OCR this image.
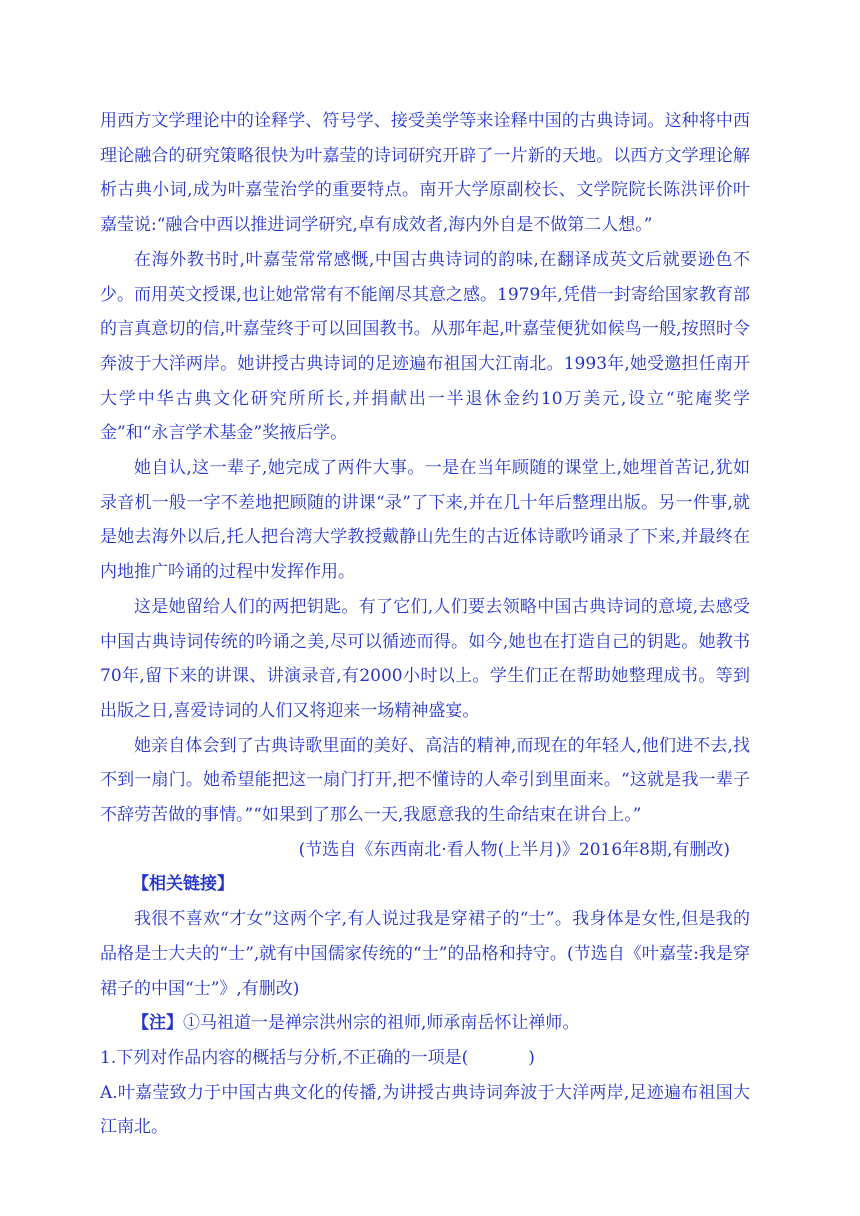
用西方文学理论中的诠释学、符号学、接受美学等来诠释中国的古典诗词。这种将中西理论融合的研究策略很快为叶嘉莹的诗词研究开辟了一片新的天地。以西方文学理论解析古典小词,成为叶嘉莹治学的重要特点。南开大学原副校长、文学院院长陈洪评价叶嘉莹说:“融合中西以推进词学研究,卓有成效者,海内外自是不做第二人想。”

在海外教书时,叶嘉莹常常感慨,中国古典诗词的韵味,在翻译成英文后就要逊色不少。而用英文授课,也让她常常有不能阐尽其意之感。1979年,凭借一封寄给国家教育部的言真意切的信,叶嘉莹终于可以回国教书。从那年起,叶嘉莹便犹如候鸟一般,按照时令奔波于大洋两岸。她讲授古典诗词的足迹遍布祖国大江南北。1993年,她受邀担任南开大学中华古典文化研究所所长,并捐献出一半退休金约10万美元,设立“驼庵奖学金”和“永言学术基金”奖掖后学。

她自认,这一辈子,她完成了两件大事。一是在当年顾随的课堂上,她埋首苦记,犹如录音机一般一字不差地把顾随的讲课“录”了下来,并在几十年后整理出版。另一件事,就是她去海外以后,托人把台湾大学教授戴静山先生的古近体诗歌吟诵录了下来,并最终在内地推广吟诵的过程中发挥作用。

这是她留给人们的两把钥匙。有了它们,人们要去领略中国古典诗词的意境,去感受中国古典诗词传统的吟诵之美,尽可以循迹而得。如今,她也在打造自己的钥匙。她教书70年,留下来的讲课、讲演录音,有2000小时以上。学生们正在帮助她整理成书。等到出版之日,喜爱诗词的人们又将迎来一场精神盛宴。

她亲自体会到了古典诗歌里面的美好、高洁的精神,而现在的年轻人,他们进不去,找不到一扇门。她希望能把这一扇门打开,把不懂诗的人牵引到里面来。“这就是我一辈子不辞劳苦做的事情。”“如果到了那么一天,我愿意我的生命结束在讲台上。”

(节选自《东西南北·看人物(上半月)》2016年8期,有删改)

【相关链接】

我很不喜欢“才女”这两个字,有人说过我是穿裙子的“士”。我身体是女性,但是我的品格是士大夫的“士”,就有中国儒家传统的“士”的品格和持守。(节选自《叶嘉莹:我是穿裙子的中国“士”》,有删改)

【注】①马祖道一是禅宗洪州宗的祖师,师承南岳怀让禅师。

1.下列对作品内容的概括与分析,不正确的一项是(	)

A.叶嘉莹致力于中国古典文化的传播,为讲授古典诗词奔波于大洋两岸,足迹遍布祖国大江南北。
